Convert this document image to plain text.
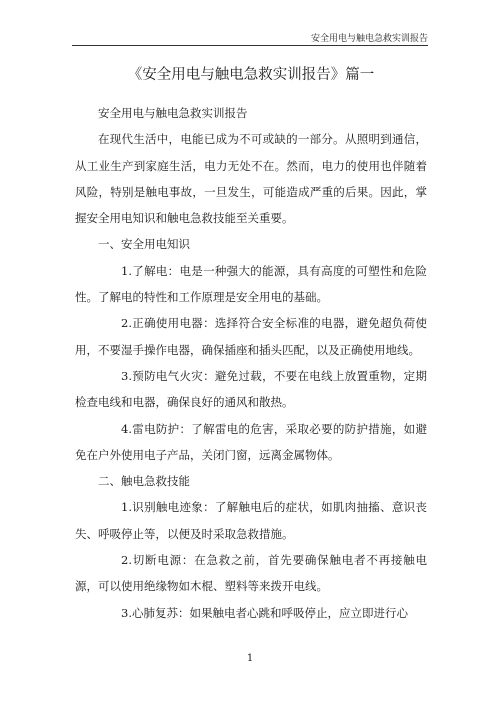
安全用电与触电急救实训报告
《安全用电与触电急救实训报告》篇一

安全用电与触电急救实训报告

在现代生活中，电能已成为不可或缺的一部分。从照明到通信，从工业生产到家庭生活，电力无处不在。然而，电力的使用也伴随着风险，特别是触电事故，一旦发生，可能造成严重的后果。因此，掌握安全用电知识和触电急救技能至关重要。

一、安全用电知识

1.了解电：电是一种强大的能源，具有高度的可塑性和危险性。了解电的特性和工作原理是安全用电的基础。

2.正确使用电器：选择符合安全标准的电器，避免超负荷使用，不要湿手操作电器，确保插座和插头匹配，以及正确使用地线。

3.预防电气火灾：避免过载，不要在电线上放置重物，定期检查电线和电器，确保良好的通风和散热。

4.雷电防护：了解雷电的危害，采取必要的防护措施，如避免在户外使用电子产品，关闭门窗，远离金属物体。

二、触电急救技能

1.识别触电迹象：了解触电后的症状，如肌肉抽搐、意识丧失、呼吸停止等，以便及时采取急救措施。

2.切断电源：在急救之前，首先要确保触电者不再接触电源，可以使用绝缘物如木棍、塑料等来拨开电线。

3.心肺复苏：如果触电者心跳和呼吸停止，应立即进行心

1
